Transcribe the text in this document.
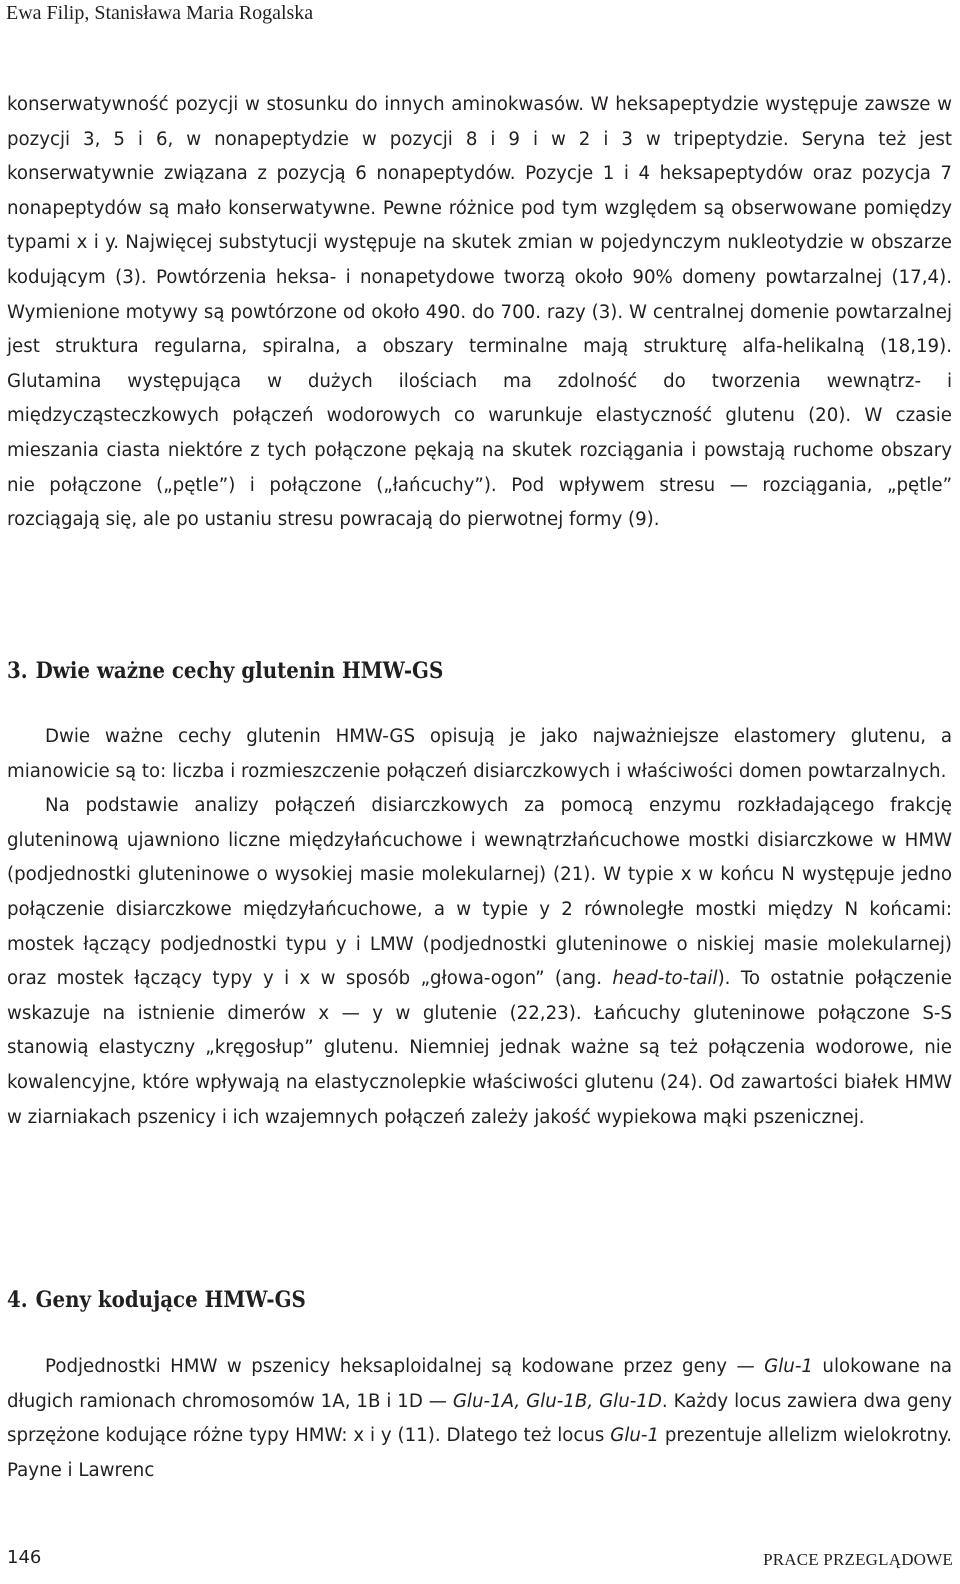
Ewa Filip, Stanisława Maria Rogalska

konserwatywność pozycji w stosunku do innych aminokwasów. W heksapeptydzie występuje zawsze w pozycji 3, 5 i 6, w nonapeptydzie w pozycji 8 i 9 i w 2 i 3 w tripeptydzie. Seryna też jest konserwatywnie związana z pozycją 6 nonapeptydów. Pozycje 1 i 4 heksapeptydów oraz pozycja 7 nonapeptydów są mało konserwatywne. Pewne różnice pod tym względem są obserwowane pomiędzy typami x i y. Najwięcej substytucji występuje na skutek zmian w pojedynczym nukleotydzie w obszarze kodującym (3). Powtórzenia heksa- i nonapetydowe tworzą około 90% domeny powtarzalnej (17,4). Wymienione motywy są powtórzone od około 490. do 700. razy (3). W centralnej domenie powtarzalnej jest struktura regularna, spiralna, a obszary terminalne mają strukturę alfa-helikalną (18,19). Glutamina występująca w dużych ilościach ma zdolność do tworzenia wewnątrz- i międzycząsteczkowych połączeń wodorowych co warunkuje elastyczność glutenu (20). W czasie mieszania ciasta niektóre z tych połączone pękają na skutek rozciągania i powstają ruchome obszary nie połączone („pętle”) i połączone („łańcuchy”). Pod wpływem stresu — rozciągania, „pętle” rozciągają się, ale po ustaniu stresu powracają do pierwotnej formy (9).

3. Dwie ważne cechy glutenin HMW-GS

Dwie ważne cechy glutenin HMW-GS opisują je jako najważniejsze elastomery glutenu, a mianowicie są to: liczba i rozmieszczenie połączeń disiarczkowych i właściwości domen powtarzalnych.

Na podstawie analizy połączeń disiarczkowych za pomocą enzymu rozkładającego frakcję gluteninową ujawniono liczne międzyłańcuchowe i wewnątrzłańcuchowe mostki disiarczkowe w HMW (podjednostki gluteninowe o wysokiej masie molekularnej) (21). W typie x w końcu N występuje jedno połączenie disiarczkowe międzyłańcuchowe, a w typie y 2 równoległe mostki między N końcami: mostek łączący podjednostki typu y i LMW (podjednostki gluteninowe o niskiej masie molekularnej) oraz mostek łączący typy y i x w sposób „głowa-ogon” (ang. head-to-tail). To ostatnie połączenie wskazuje na istnienie dimerów x — y w glutenie (22,23). Łańcuchy gluteninowe połączone S-S stanowią elastyczny „kręgosłup” glutenu. Niemniej jednak ważne są też połączenia wodorowe, nie kowalencyjne, które wpływają na elastycznolepkie właściwości glutenu (24). Od zawartości białek HMW w ziarniakach pszenicy i ich wzajemnych połączeń zależy jakość wypiekowa mąki pszenicznej.

4. Geny kodujące HMW-GS

Podjednostki HMW w pszenicy heksaploidalnej są kodowane przez geny — Glu-1 ulokowane na długich ramionach chromosomów 1A, 1B i 1D — Glu-1A, Glu-1B, Glu-1D. Każdy locus zawiera dwa geny sprzężone kodujące różne typy HMW: x i y (11). Dlatego też locus Glu-1 prezentuje allelizm wielokrotny. Payne i Lawrenc

146	PRACE PRZEGLĄDOWE
